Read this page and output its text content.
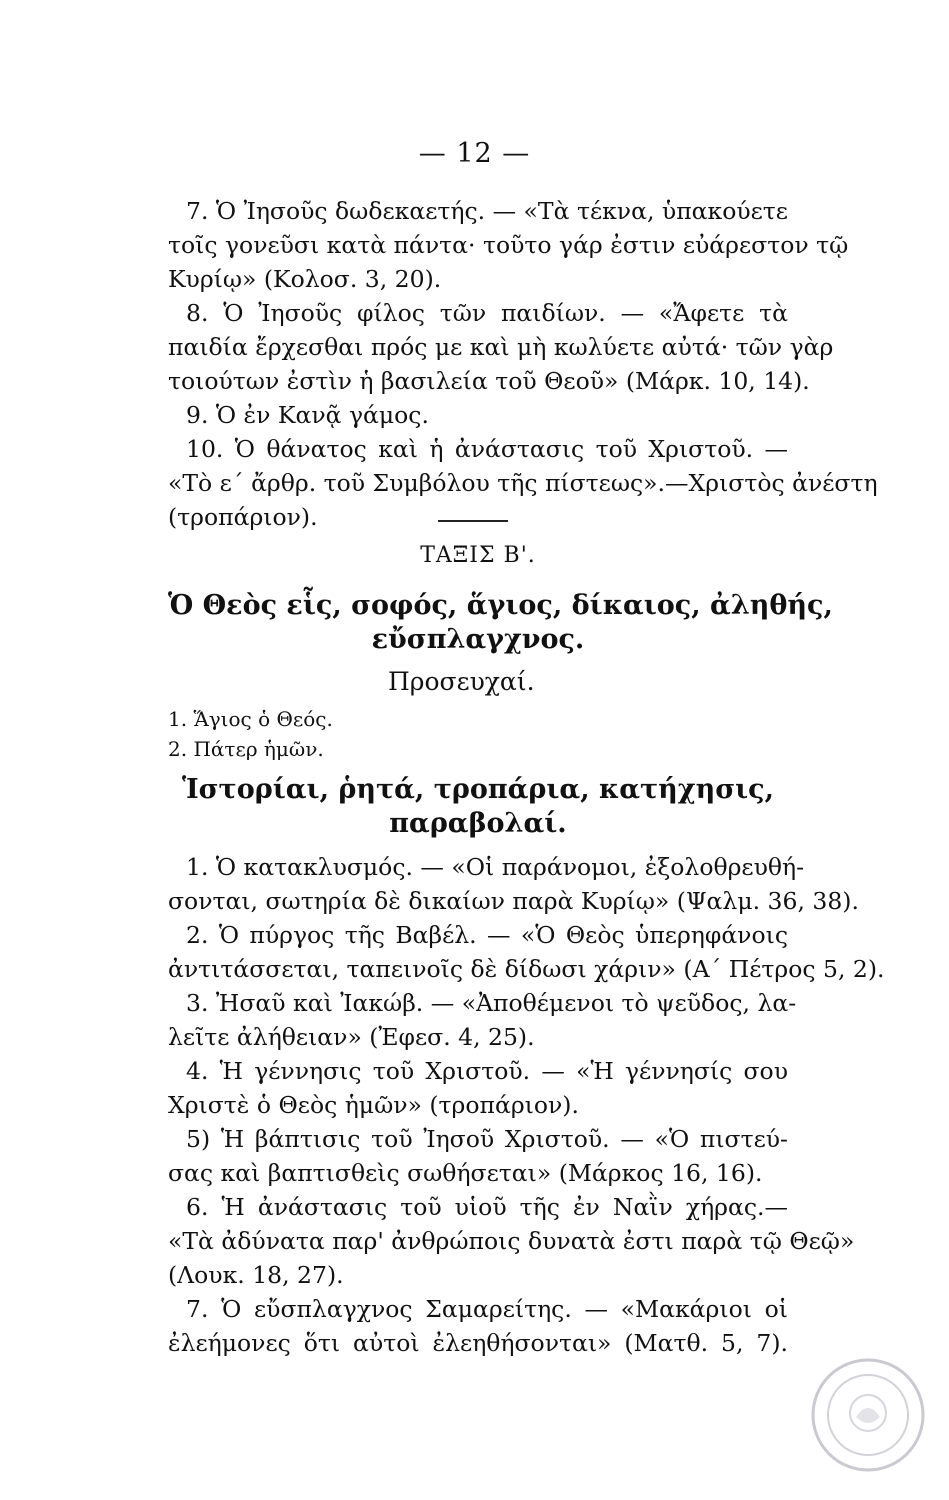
— 12 —
7. Ὁ Ἰησοῦς δωδεκαετής. — «Τὰ τέκνα, ὑπακούετε
τοῖς γονεῦσι κατὰ πάντα· τοῦτο γάρ ἐστιν εὐάρεστον τῷ
Κυρίῳ» (Κολοσ. 3, 20).
8. Ὁ Ἰησοῦς φίλος τῶν παιδίων. — «Ἄφετε τὰ
παιδία ἔρχεσθαι πρός με καὶ μὴ κωλύετε αὐτά· τῶν γὰρ
τοιούτων ἐστὶν ἡ βασιλεία τοῦ Θεοῦ» (Μάρκ. 10, 14).
9. Ὁ ἐν Κανᾷ γάμος.
10. Ὁ θάνατος καὶ ἡ ἀνάστασις τοῦ Χριστοῦ. —
«Τὸ ε΄ ἄρθρ. τοῦ Συμβόλου τῆς πίστεως».—Χριστὸς ἀνέστη
(τροπάριον).
ΤΑΞΙΣ Β'.
Ὁ Θεὸς εἷς, σοφός, ἅγιος, δίκαιος, ἀληθής,
εὔσπλαγχνος.
Προσευχαί.
1. Ἅγιος ὁ Θεός.
2. Πάτερ ἡμῶν.
Ἱστορίαι, ῥητά, τροπάρια, κατήχησις,
παραβολαί.
1. Ὁ κατακλυσμός. — «Οἱ παράνομοι, ἐξολοθρευθή-
σονται, σωτηρία δὲ δικαίων παρὰ Κυρίῳ» (Ψαλμ. 36, 38).
2. Ὁ πύργος τῆς Βαβέλ. — «Ὁ Θεὸς ὑπερηφάνοις
ἀντιτάσσεται, ταπεινοῖς δὲ δίδωσι χάριν» (Α΄ Πέτρος 5, 2).
3. Ἠσαῦ καὶ Ἰακώβ. — «Ἀποθέμενοι τὸ ψεῦδος, λα-
λεῖτε ἀλήθειαν» (Ἐφεσ. 4, 25).
4. Ἡ γέννησις τοῦ Χριστοῦ. — «Ἡ γέννησίς σου
Χριστὲ ὁ Θεὸς ἡμῶν» (τροπάριον).
5) Ἡ βάπτισις τοῦ Ἰησοῦ Χριστοῦ. — «Ὁ πιστεύ-
σας καὶ βαπτισθεὶς σωθήσεται» (Μάρκος 16, 16).
6. Ἡ ἀνάστασις τοῦ υἱοῦ τῆς ἐν Ναῒν χήρας.—
«Τὰ ἀδύνατα παρ' ἀνθρώποις δυνατὰ ἐστι παρὰ τῷ Θεῷ»
(Λουκ. 18, 27).
7. Ὁ εὔσπλαγχνος Σαμαρείτης. — «Μακάριοι οἱ
ἐλεήμονες ὅτι αὐτοὶ ἐλεηθήσονται» (Ματθ. 5, 7).
